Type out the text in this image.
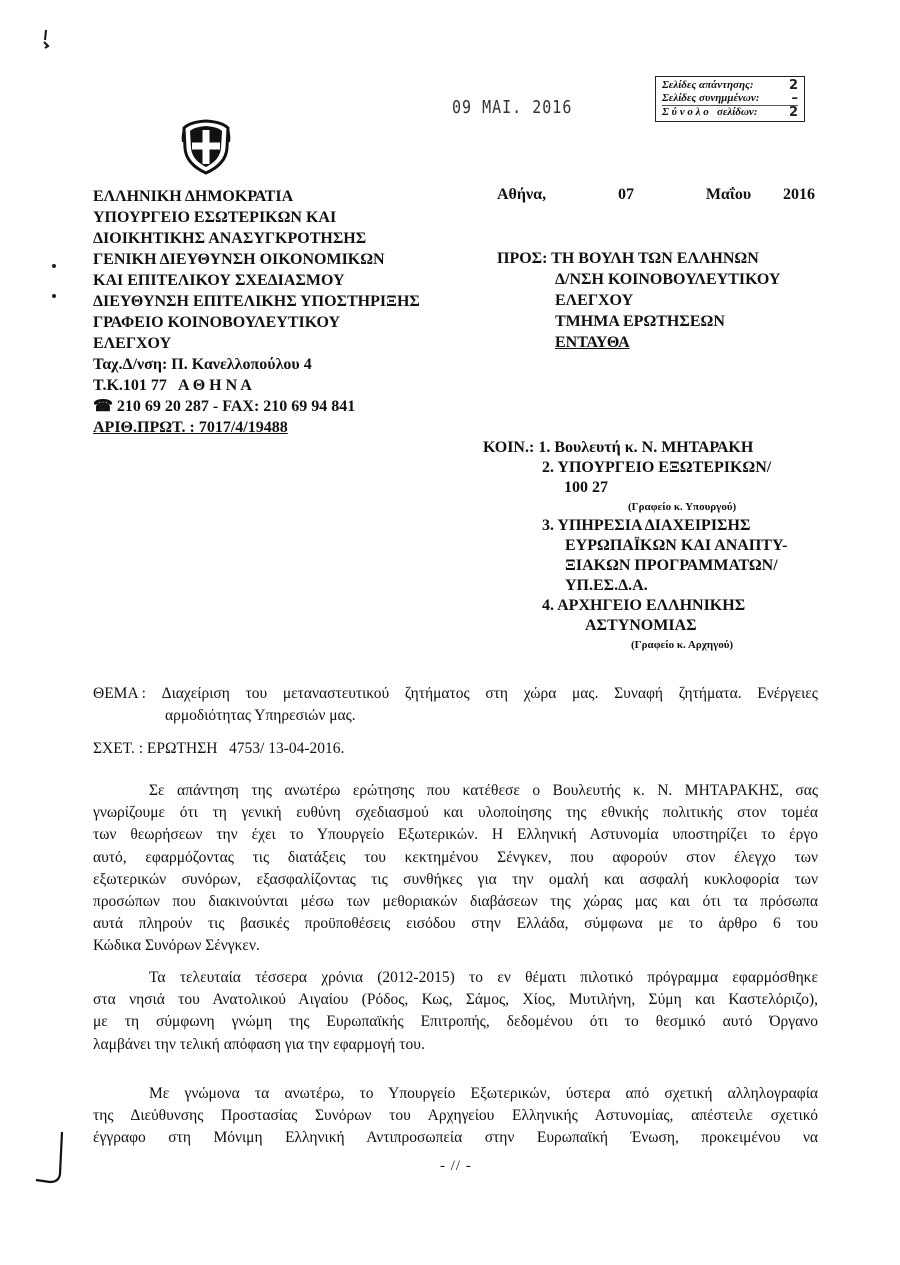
Σελίδες απάντησης:	2
Σελίδες συνημμένων: –
Σ ύ ν ο λ ο   σελίδων: 2
09 ΜΑΙ. 2016
ΕΛΛΗΝΙΚΗ ΔΗΜΟΚΡΑΤΙΑ
ΥΠΟΥΡΓΕΙΟ ΕΣΩΤΕΡΙΚΩΝ ΚΑΙ
ΔΙΟΙΚΗΤΙΚΗΣ ΑΝΑΣΥΓΚΡΟΤΗΣΗΣ
ΓΕΝΙΚΗ ΔΙΕΥΘΥΝΣΗ ΟΙΚΟΝΟΜΙΚΩΝ
ΚΑΙ ΕΠΙΤΕΛΙΚΟΥ ΣΧΕΔΙΑΣΜΟΥ
ΔΙΕΥΘΥΝΣΗ ΕΠΙΤΕΛΙΚΗΣ ΥΠΟΣΤΗΡΙΞΗΣ
ΓΡΑΦΕΙΟ ΚΟΙΝΟΒΟΥΛΕΥΤΙΚΟΥ
ΕΛΕΓΧΟΥ
Ταχ.Δ/νση: Π. Κανελλοπούλου 4
Τ.Κ.101 77   Α Θ Η Ν Α
☎ 210 69 20 287 - FAX: 210 69 94 841
ΑΡΙΘ.ΠΡΩΤ. : 7017/4/19488
Αθήνα,	07	Μαΐου 2016
ΠΡΟΣ: ΤΗ ΒΟΥΛΗ ΤΩΝ ΕΛΛΗΝΩΝ
Δ/ΝΣΗ ΚΟΙΝΟΒΟΥΛΕΥΤΙΚΟΥ
ΕΛΕΓΧΟΥ
ΤΜΗΜΑ ΕΡΩΤΗΣΕΩΝ
ΕΝΤΑΥΘΑ
ΚΟΙΝ.: 1. Βουλευτή κ. Ν. ΜΗΤΑΡΑΚΗ
2. ΥΠΟΥΡΓΕΙΟ ΕΞΩΤΕΡΙΚΩΝ/
100 27
(Γραφείο κ. Υπουργού)
3. ΥΠΗΡΕΣΙΑ ΔΙΑΧΕΙΡΙΣΗΣ
ΕΥΡΩΠΑΪΚΩΝ ΚΑΙ ΑΝΑΠΤΥ-
ΞΙΑΚΩΝ ΠΡΟΓΡΑΜΜΑΤΩΝ/
ΥΠ.ΕΣ.Δ.Α.
4. ΑΡΧΗΓΕΙΟ ΕΛΛΗΝΙΚΗΣ
ΑΣΤΥΝΟΜΙΑΣ
(Γραφείο κ. Αρχηγού)
ΘΕΜΑ : Διαχείριση του μεταναστευτικού ζητήματος στη χώρα μας. Συναφή ζητήματα. Ενέργειες
αρμοδιότητας Υπηρεσιών μας.
ΣΧΕΤ. : ΕΡΩΤΗΣΗ   4753/ 13-04-2016.
Σε απάντηση της ανωτέρω ερώτησης που κατέθεσε ο Βουλευτής κ. Ν. ΜΗΤΑΡΑΚΗΣ, σας
γνωρίζουμε ότι τη γενική ευθύνη σχεδιασμού και υλοποίησης της εθνικής πολιτικής στον τομέα
των θεωρήσεων την έχει το Υπουργείο Εξωτερικών. Η Ελληνική Αστυνομία υποστηρίζει το έργο
αυτό, εφαρμόζοντας τις διατάξεις του κεκτημένου Σένγκεν, που αφορούν στον έλεγχο των
εξωτερικών συνόρων, εξασφαλίζοντας τις συνθήκες για την ομαλή και ασφαλή κυκλοφορία των
προσώπων που διακινούνται μέσω των μεθοριακών διαβάσεων της χώρας μας και ότι τα πρόσωπα
αυτά πληρούν τις βασικές προϋποθέσεις εισόδου στην Ελλάδα, σύμφωνα με το άρθρο 6 του
Κώδικα Συνόρων Σένγκεν.
Τα τελευταία τέσσερα χρόνια (2012-2015) το εν θέματι πιλοτικό πρόγραμμα εφαρμόσθηκε
στα νησιά του Ανατολικού Αιγαίου (Ρόδος, Κως, Σάμος, Χίος, Μυτιλήνη, Σύμη και Καστελόριζο),
με τη σύμφωνη γνώμη της Ευρωπαϊκής Επιτροπής, δεδομένου ότι το θεσμικό αυτό Όργανο
λαμβάνει την τελική απόφαση για την εφαρμογή του.
Με γνώμονα τα ανωτέρω, το Υπουργείο Εξωτερικών, ύστερα από σχετική αλληλογραφία
της Διεύθυνσης Προστασίας Συνόρων του Αρχηγείου Ελληνικής Αστυνομίας, απέστειλε σχετικό
έγγραφο στη Μόνιμη Ελληνική Αντιπροσωπεία στην Ευρωπαϊκή Ένωση, προκειμένου να
- // -
